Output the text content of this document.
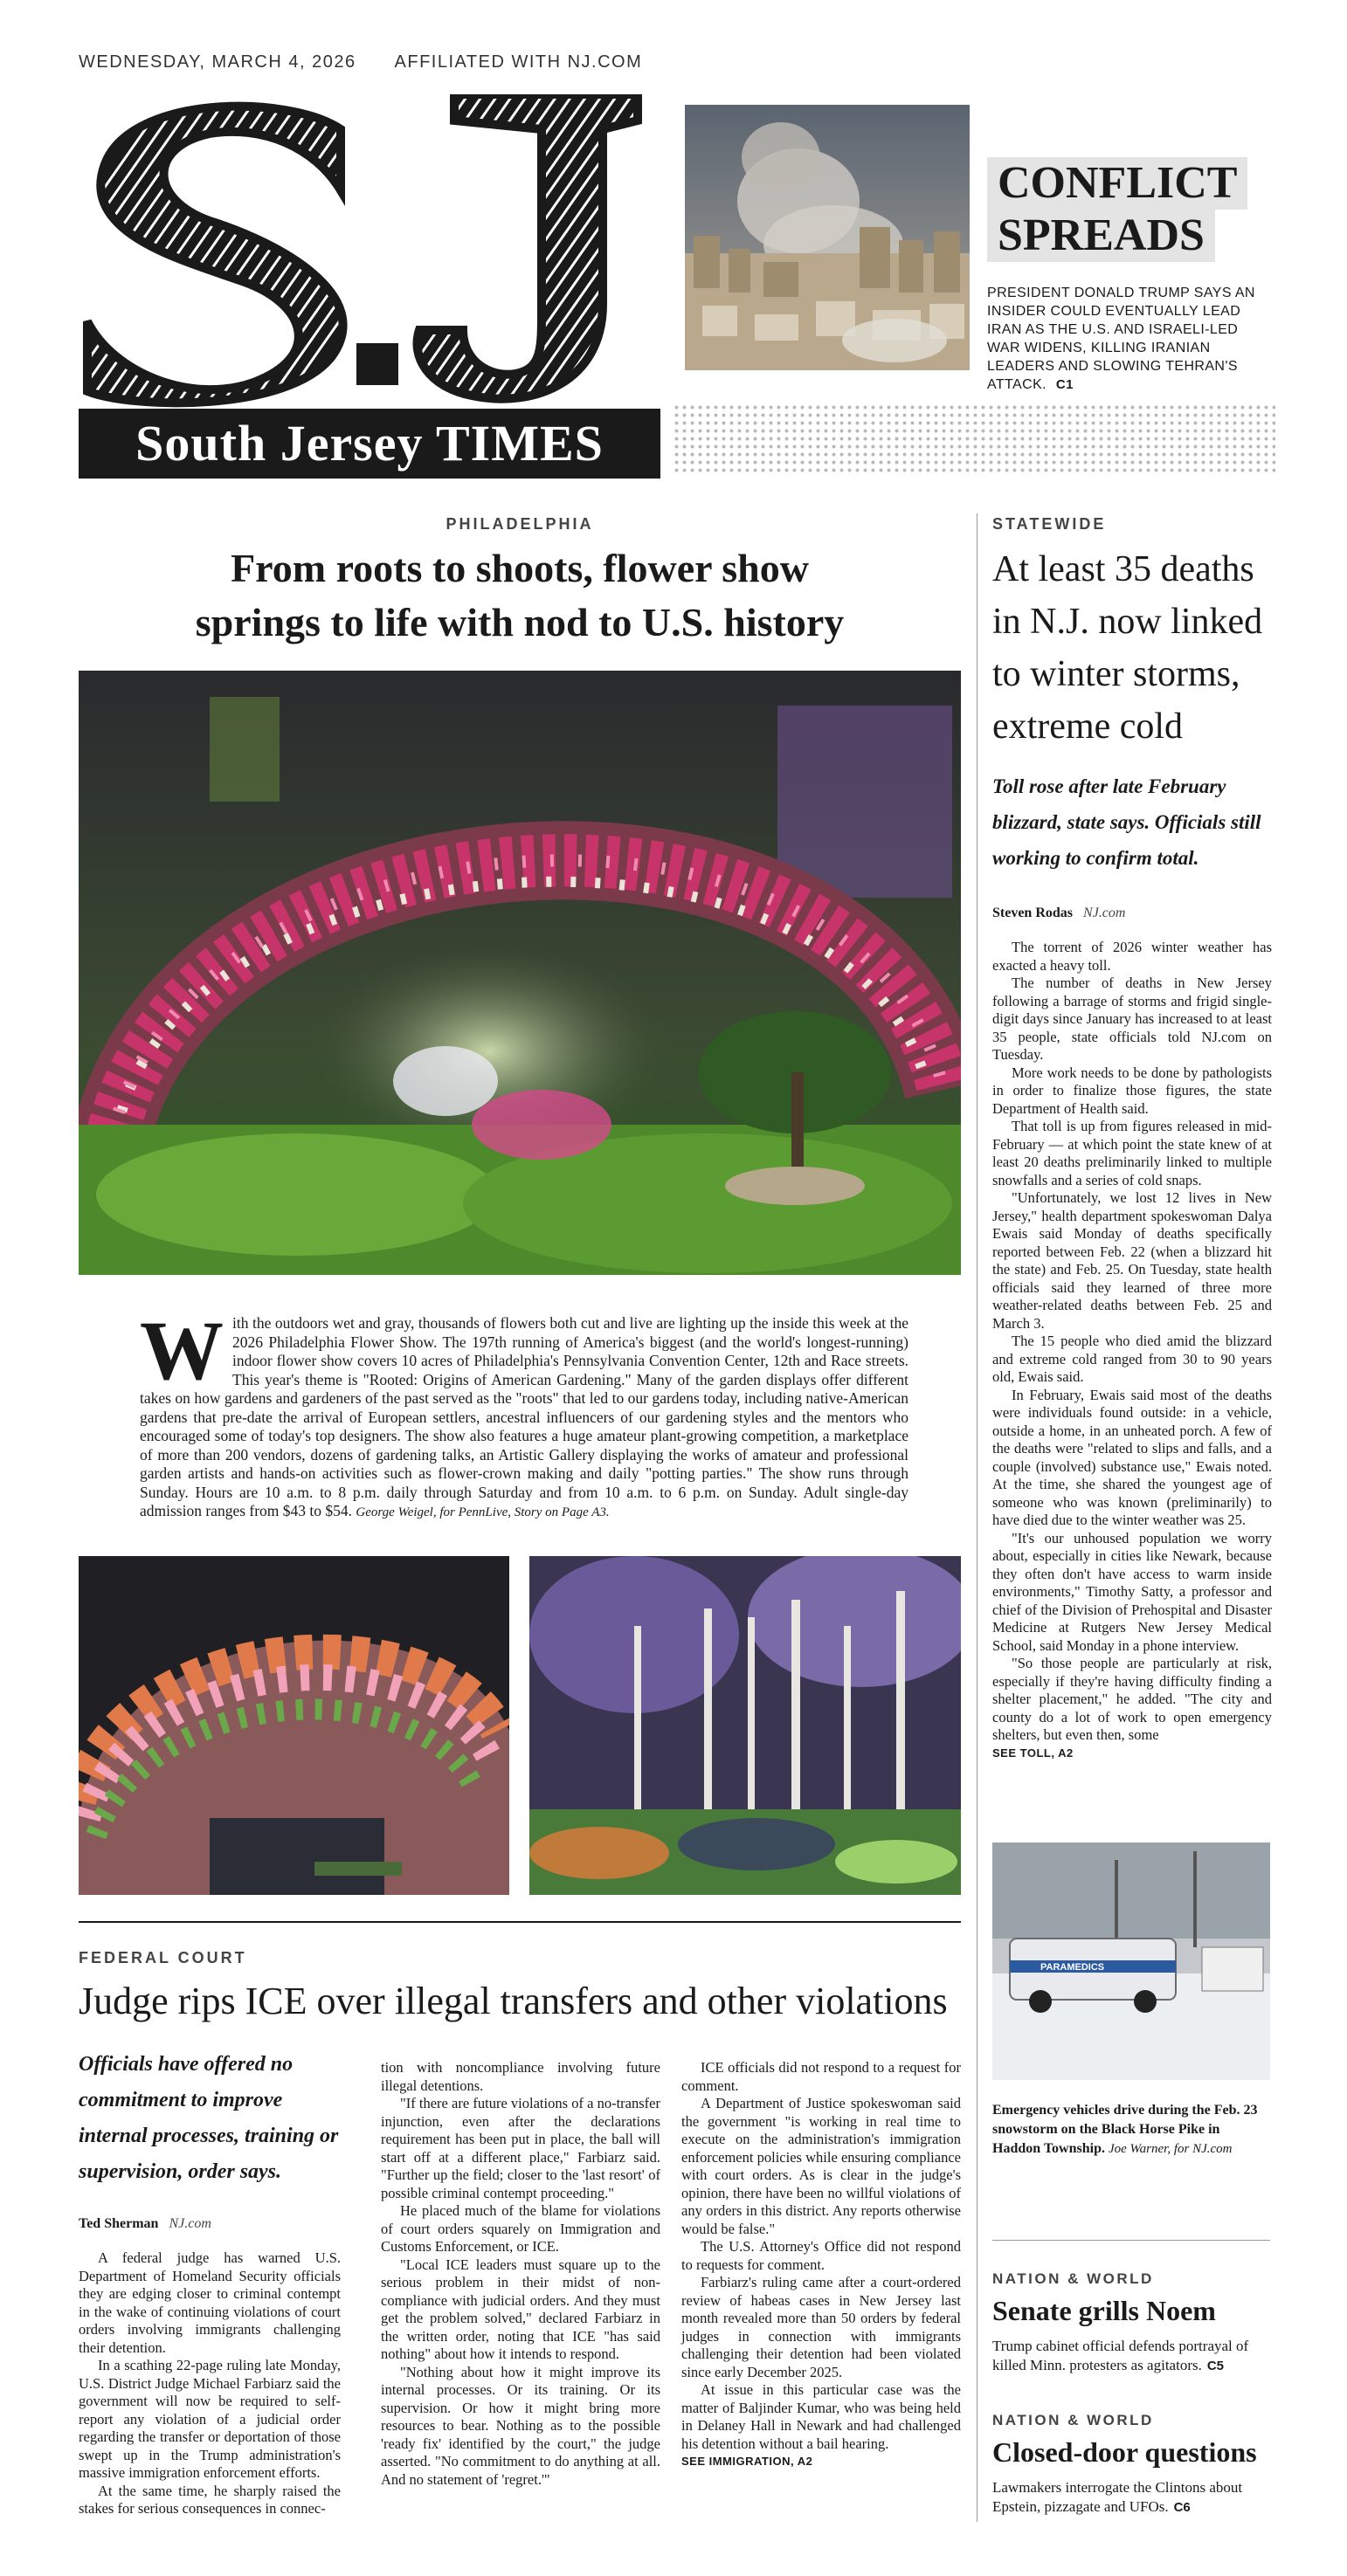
WEDNESDAY, MARCH 4, 2026 AFFILIATED WITH NJ.COM
South Jersey TIMES
CONFLICT
SPREADS
PRESIDENT DONALD TRUMP SAYS AN INSIDER COULD EVENTUALLY LEAD IRAN AS THE U.S. AND ISRAELI-LED WAR WIDENS, KILLING IRANIAN LEADERS AND SLOWING TEHRAN'S ATTACK. C1
PHILADELPHIA
From roots to shoots, flower show
springs to life with nod to U.S. history
With the outdoors wet and gray, thousands of flowers both cut and live are lighting up the inside this week at the 2026 Philadelphia Flower Show. The 197th running of America's biggest (and the world's longest-running) indoor flower show covers 10 acres of Philadelphia's Pennsylvania Convention Center, 12th and Race streets. This year's theme is "Rooted: Origins of American Gardening." Many of the garden displays offer different takes on how gardens and gardeners of the past served as the "roots" that led to our gardens today, including native-American gardens that pre-date the arrival of European settlers, ancestral influencers of our gardening styles and the mentors who encouraged some of today's top designers. The show also features a huge amateur plant-growing competition, a marketplace of more than 200 vendors, dozens of gardening talks, an Artistic Gallery displaying the works of amateur and professional garden artists and hands-on activities such as flower-crown making and daily "potting parties." The show runs through Sunday. Hours are 10 a.m. to 8 p.m. daily through Saturday and from 10 a.m. to 6 p.m. on Sunday. Adult single-day admission ranges from $43 to $54. George Weigel, for PennLive, Story on Page A3.
FEDERAL COURT
Judge rips ICE over illegal transfers and other violations
Officials have offered no commitment to improve internal processes, training or supervision, order says.
Ted Sherman NJ.com

A federal judge has warned U.S. Department of Homeland Security officials they are edging closer to criminal contempt in the wake of continuing violations of court orders involving immigrants challenging their detention.

In a scathing 22-page ruling late Monday, U.S. District Judge Michael Farbiarz said the government will now be required to self-report any violation of a judicial order regarding the transfer or deportation of those swept up in the Trump administration's massive immigration enforcement efforts.

At the same time, he sharply raised the stakes for serious consequences in connec-

tion with noncompliance involving future illegal detentions.

"If there are future violations of a no-transfer injunction, even after the declarations requirement has been put in place, the ball will start off at a different place," Farbiarz said. "Further up the field; closer to the 'last resort' of possible criminal contempt proceeding."

He placed much of the blame for violations of court orders squarely on Immigration and Customs Enforcement, or ICE.

"Local ICE leaders must square up to the serious problem in their midst of non-compliance with judicial orders. And they must get the problem solved," declared Farbiarz in the written order, noting that ICE "has said nothing" about how it intends to respond.

"Nothing about how it might improve its internal processes. Or its training. Or its supervision. Or how it might bring more resources to bear. Nothing as to the possible 'ready fix' identified by the court," the judge asserted. "No commitment to do anything at all. And no statement of 'regret.'"

ICE officials did not respond to a request for comment.

A Department of Justice spokeswoman said the government "is working in real time to execute on the administration's immigration enforcement policies while ensuring compliance with court orders. As is clear in the judge's opinion, there have been no willful violations of any orders in this district. Any reports otherwise would be false."

The U.S. Attorney's Office did not respond to requests for comment.

Farbiarz's ruling came after a court-ordered review of habeas cases in New Jersey last month revealed more than 50 orders by federal judges in connection with immigrants challenging their detention had been violated since early December 2025.

At issue in this particular case was the matter of Baljinder Kumar, who was being held in Delaney Hall in Newark and had challenged his detention without a bail hearing.

SEE IMMIGRATION, A2

STATEWIDE
At least 35 deaths in N.J. now linked to winter storms, extreme cold
Toll rose after late February blizzard, state says. Officials still working to confirm total.
Steven Rodas NJ.com

The torrent of 2026 winter weather has exacted a heavy toll.

The number of deaths in New Jersey following a barrage of storms and frigid single-digit days since January has increased to at least 35 people, state officials told NJ.com on Tuesday.

More work needs to be done by pathologists in order to finalize those figures, the state Department of Health said.

That toll is up from figures released in mid-February — at which point the state knew of at least 20 deaths preliminarily linked to multiple snowfalls and a series of cold snaps.

"Unfortunately, we lost 12 lives in New Jersey," health department spokeswoman Dalya Ewais said Monday of deaths specifically reported between Feb. 22 (when a blizzard hit the state) and Feb. 25. On Tuesday, state health officials said they learned of three more weather-related deaths between Feb. 25 and March 3.

The 15 people who died amid the blizzard and extreme cold ranged from 30 to 90 years old, Ewais said.

In February, Ewais said most of the deaths were individuals found outside: in a vehicle, outside a home, in an unheated porch. A few of the deaths were "related to slips and falls, and a couple (involved) substance use," Ewais noted. At the time, she shared the youngest age of someone who was known (preliminarily) to have died due to the winter weather was 25.

"It's our unhoused population we worry about, especially in cities like Newark, because they often don't have access to warm inside environments," Timothy Satty, a professor and chief of the Division of Prehospital and Disaster Medicine at Rutgers New Jersey Medical School, said Monday in a phone interview.

"So those people are particularly at risk, especially if they're having difficulty finding a shelter placement," he added. "The city and county do a lot of work to open emergency shelters, but even then, some

SEE TOLL, A2

PARAMEDICS
Emergency vehicles drive during the Feb. 23 snowstorm on the Black Horse Pike in Haddon Township. Joe Warner, for NJ.com
NATION & WORLD
Senate grills Noem
Trump cabinet official defends portrayal of killed Minn. protesters as agitators. C5
NATION & WORLD
Closed-door questions
Lawmakers interrogate the Clintons about Epstein, pizzagate and UFOs. C6
